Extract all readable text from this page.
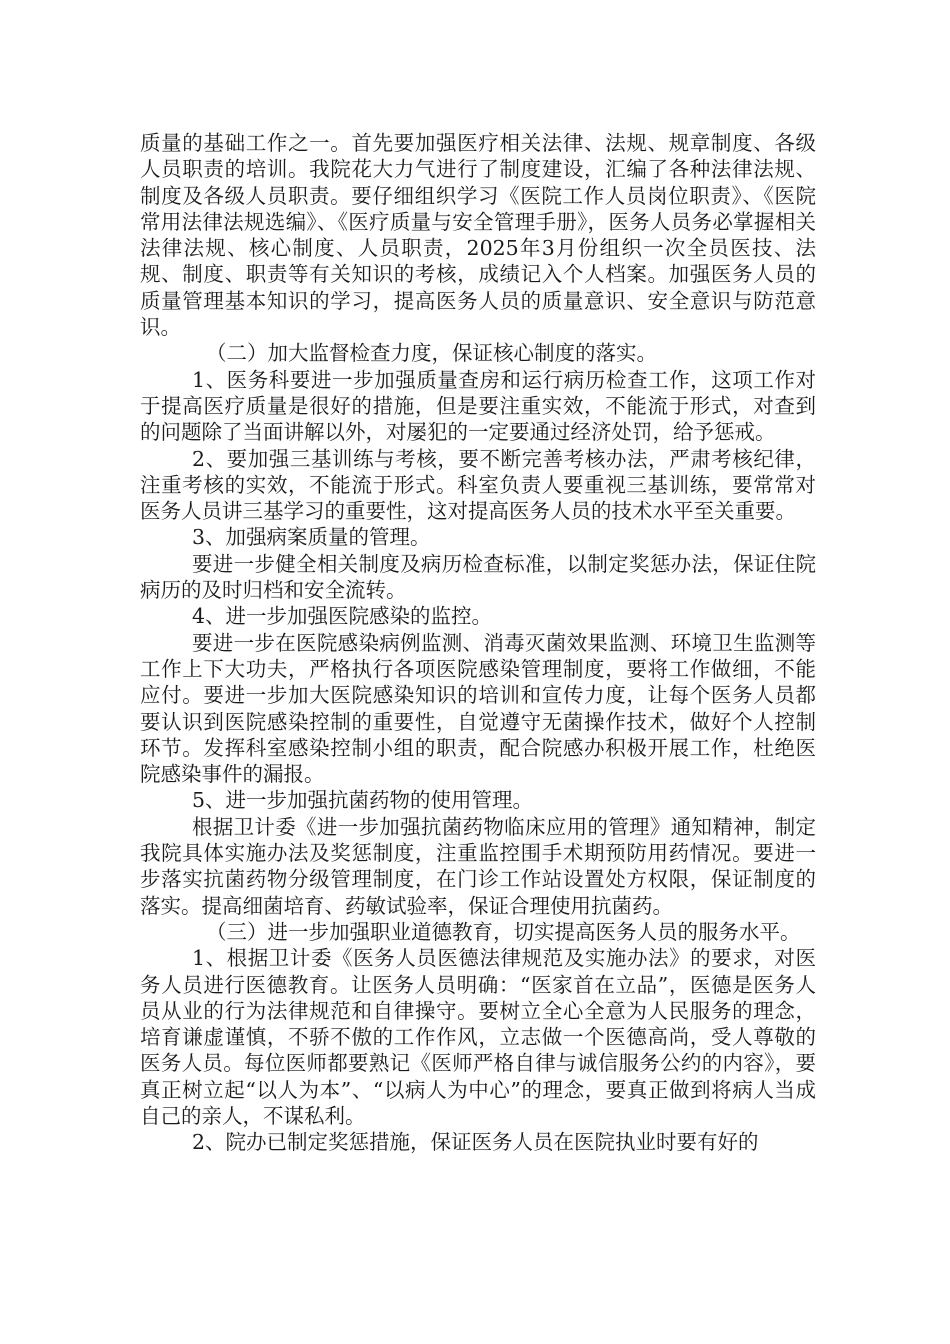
质量的基础工作之一。首先要加强医疗相关法律、法规、规章制度、各级人员职责的培训。我院花大力气进行了制度建设，汇编了各种法律法规、制度及各级人员职责。要仔细组织学习《医院工作人员岗位职责》、《医院常用法律法规选编》、《医疗质量与安全管理手册》，医务人员务必掌握相关法律法规、核心制度、人员职责，2025年3月份组织一次全员医技、法规、制度、职责等有关知识的考核，成绩记入个人档案。加强医务人员的质量管理基本知识的学习，提高医务人员的质量意识、安全意识与防范意识。

（二）加大监督检查力度，保证核心制度的落实。

1、医务科要进一步加强质量查房和运行病历检查工作，这项工作对于提高医疗质量是很好的措施，但是要注重实效，不能流于形式，对查到的问题除了当面讲解以外，对屡犯的一定要通过经济处罚，给予惩戒。

2、要加强三基训练与考核，要不断完善考核办法，严肃考核纪律，注重考核的实效，不能流于形式。科室负责人要重视三基训练，要常常对医务人员讲三基学习的重要性，这对提高医务人员的技术水平至关重要。

3、加强病案质量的管理。

要进一步健全相关制度及病历检查标准，以制定奖惩办法，保证住院病历的及时归档和安全流转。

4、进一步加强医院感染的监控。

要进一步在医院感染病例监测、消毒灭菌效果监测、环境卫生监测等工作上下大功夫，严格执行各项医院感染管理制度，要将工作做细，不能应付。要进一步加大医院感染知识的培训和宣传力度，让每个医务人员都要认识到医院感染控制的重要性，自觉遵守无菌操作技术，做好个人控制环节。发挥科室感染控制小组的职责，配合院感办积极开展工作，杜绝医院感染事件的漏报。

5、进一步加强抗菌药物的使用管理。

根据卫计委《进一步加强抗菌药物临床应用的管理》通知精神，制定我院具体实施办法及奖惩制度，注重监控围手术期预防用药情况。要进一步落实抗菌药物分级管理制度，在门诊工作站设置处方权限，保证制度的落实。提高细菌培育、药敏试验率，保证合理使用抗菌药。

（三）进一步加强职业道德教育，切实提高医务人员的服务水平。

1、根据卫计委《医务人员医德法律规范及实施办法》的要求，对医务人员进行医德教育。让医务人员明确：“医家首在立品”，医德是医务人员从业的行为法律规范和自律操守。要树立全心全意为人民服务的理念，培育谦虚谨慎，不骄不傲的工作作风，立志做一个医德高尚，受人尊敬的医务人员。每位医师都要熟记《医师严格自律与诚信服务公约的内容》，要真正树立起“以人为本”、“以病人为中心”的理念，要真正做到将病人当成自己的亲人，不谋私利。

2、院办已制定奖惩措施，保证医务人员在医院执业时要有好的
